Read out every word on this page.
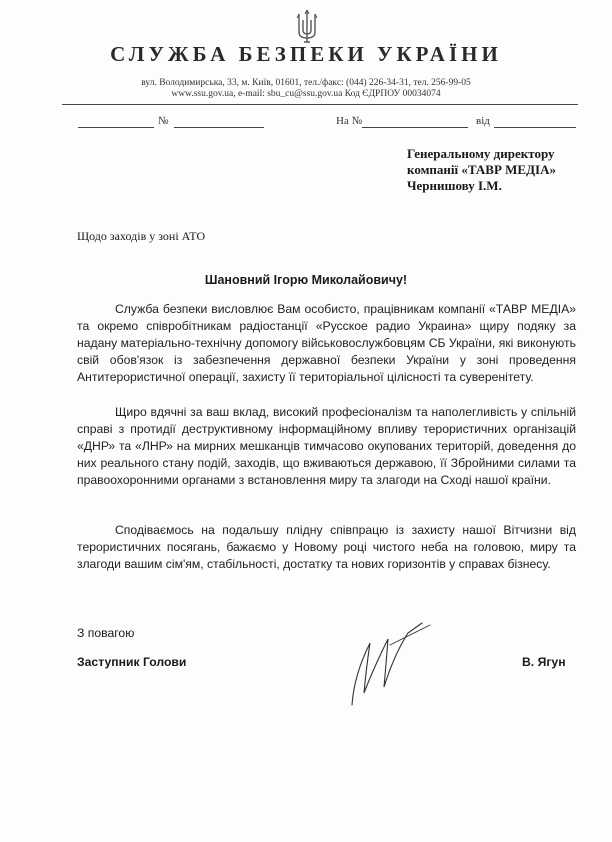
СЛУЖБА БЕЗПЕКИ УКРАЇНИ
вул. Володимирська, 33, м. Київ, 01601, тел./факс: (044) 226-34-31, тел. 256-99-05
www.ssu.gov.ua, e-mail: sbu_cu@ssu.gov.ua Код ЄДРПОУ 00034074
№	На №	від
Генеральному директору
компанії «ТАВР МЕДІА»
Чернишову І.М.
Щодо заходів у зоні АТО
Шановний Ігорю Миколайовичу!

Служба безпеки висловлює Вам особисто, працівникам компанії «ТАВР МЕДІА» та окремо співробітникам радіостанції «Русское радио Украина» щиру подяку за надану матеріально-технічну допомогу військовослужбовцям СБ України, які виконують свій обов'язок із забезпечення державної безпеки України у зоні проведення Антитерористичної операції, захисту її територіальної цілісності та суверенітету.

Щиро вдячні за ваш вклад, високий професіоналізм та наполегливість у спільній справі з протидії деструктивному інформаційному впливу терористичних організацій «ДНР» та «ЛНР» на мирних мешканців тимчасово окупованих територій, доведення до них реального стану подій, заходів, що вживаються державою, її Збройними силами та правоохоронними органами з встановлення миру та злагоди на Сході нашої країни.

Сподіваємось на подальшу плідну співпрацю із захисту нашої Вітчизни від терористичних посягань, бажаємо у Новому році чистого неба на головою, миру та злагоди вашим сім'ям, стабільності, достатку та нових горизонтів у справах бізнесу.

З повагою
Заступник Голови	В. Ягун
